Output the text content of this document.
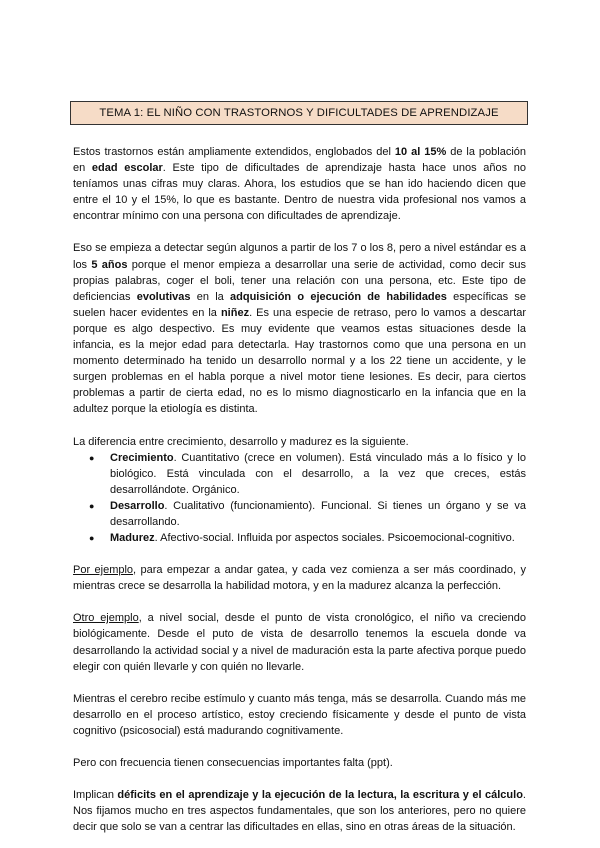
TEMA 1: EL NIÑO CON TRASTORNOS Y DIFICULTADES DE APRENDIZAJE

Estos trastornos están ampliamente extendidos, englobados del 10 al 15% de la población en edad escolar. Este tipo de dificultades de aprendizaje hasta hace unos años no teníamos unas cifras muy claras. Ahora, los estudios que se han ido haciendo dicen que entre el 10 y el 15%, lo que es bastante. Dentro de nuestra vida profesional nos vamos a encontrar mínimo con una persona con dificultades de aprendizaje.

Eso se empieza a detectar según algunos a partir de los 7 o los 8, pero a nivel estándar es a los 5 años porque el menor empieza a desarrollar una serie de actividad, como decir sus propias palabras, coger el boli, tener una relación con una persona, etc. Este tipo de deficiencias evolutivas en la adquisición o ejecución de habilidades específicas se suelen hacer evidentes en la niñez. Es una especie de retraso, pero lo vamos a descartar porque es algo despectivo. Es muy evidente que veamos estas situaciones desde la infancia, es la mejor edad para detectarla. Hay trastornos como que una persona en un momento determinado ha tenido un desarrollo normal y a los 22 tiene un accidente, y le surgen problemas en el habla porque a nivel motor tiene lesiones. Es decir, para ciertos problemas a partir de cierta edad, no es lo mismo diagnosticarlo en la infancia que en la adultez porque la etiología es distinta.

La diferencia entre crecimiento, desarrollo y madurez es la siguiente.

● Crecimiento. Cuantitativo (crece en volumen). Está vinculado más a lo físico y lo biológico. Está vinculada con el desarrollo, a la vez que creces, estás desarrollándote. Orgánico.
● Desarrollo. Cualitativo (funcionamiento). Funcional. Si tienes un órgano y se va desarrollando.
● Madurez. Afectivo-social. Influida por aspectos sociales. Psicoemocional-cognitivo.

Por ejemplo, para empezar a andar gatea, y cada vez comienza a ser más coordinado, y mientras crece se desarrolla la habilidad motora, y en la madurez alcanza la perfección.

Otro ejemplo, a nivel social, desde el punto de vista cronológico, el niño va creciendo biológicamente. Desde el puto de vista de desarrollo tenemos la escuela donde va desarrollando la actividad social y a nivel de maduración esta la parte afectiva porque puedo elegir con quién llevarle y con quién no llevarle.

Mientras el cerebro recibe estímulo y cuanto más tenga, más se desarrolla. Cuando más me desarrollo en el proceso artístico, estoy creciendo físicamente y desde el punto de vista cognitivo (psicosocial) está madurando cognitivamente.

Pero con frecuencia tienen consecuencias importantes falta (ppt).

Implican déficits en el aprendizaje y la ejecución de la lectura, la escritura y el cálculo. Nos fijamos mucho en tres aspectos fundamentales, que son los anteriores, pero no quiere decir que solo se van a centrar las dificultades en ellas, sino en otras áreas de la situación.
